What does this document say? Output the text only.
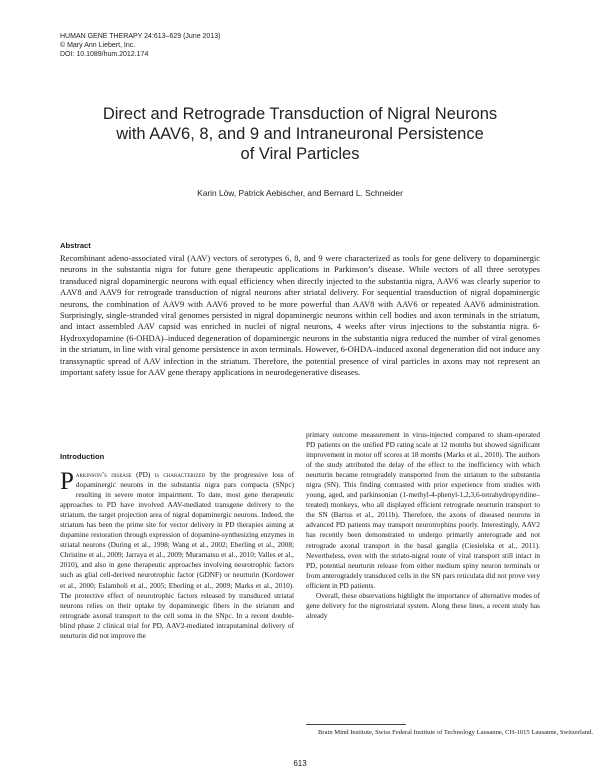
HUMAN GENE THERAPY 24:613–629 (June 2013)
© Mary Ann Liebert, Inc.
DOI: 10.1089/hum.2012.174
Direct and Retrograde Transduction of Nigral Neurons
with AAV6, 8, and 9 and Intraneuronal Persistence
of Viral Particles
Karin Löw, Patrick Aebischer, and Bernard L. Schneider
Abstract
Recombinant adeno-associated viral (AAV) vectors of serotypes 6, 8, and 9 were characterized as tools for gene delivery to dopaminergic neurons in the substantia nigra for future gene therapeutic applications in Parkinson’s disease. While vectors of all three serotypes transduced nigral dopaminergic neurons with equal efficiency when directly injected to the substantia nigra, AAV6 was clearly superior to AAV8 and AAV9 for retrograde transduction of nigral neurons after striatal delivery. For sequential transduction of nigral dopaminergic neurons, the combination of AAV9 with AAV6 proved to be more powerful than AAV8 with AAV6 or repeated AAV6 administration. Surprisingly, single-stranded viral genomes persisted in nigral dopaminergic neurons within cell bodies and axon terminals in the striatum, and intact assembled AAV capsid was enriched in nuclei of nigral neurons, 4 weeks after virus injections to the substantia nigra. 6-Hydroxydopamine (6-OHDA)–induced degeneration of dopaminergic neurons in the substantia nigra reduced the number of viral genomes in the striatum, in line with viral genome persistence in axon terminals. However, 6-OHDA–induced axonal degeneration did not induce any transsynaptic spread of AAV infection in the striatum. Therefore, the potential presence of viral particles in axons may not represent an important safety issue for AAV gene therapy applications in neurodegenerative diseases.
Introduction

Parkinson’s disease (PD) is characterized by the progressive loss of dopaminergic neurons in the substantia nigra pars compacta (SNpc) resulting in severe motor impairment. To date, most gene therapeutic approaches to PD have involved AAV-mediated transgene delivery to the striatum, the target projection area of nigral dopaminergic neurons. Indeed, the striatum has been the prime site for vector delivery in PD therapies aiming at dopamine restoration through expression of dopamine-synthesizing enzymes in striatal neurons (During et al., 1998; Wang et al., 2002; Eberling et al., 2008; Christine et al., 2009; Jarraya et al., 2009; Muramatsu et al., 2010; Valles et al., 2010), and also in gene therapeutic approaches involving neurotrophic factors such as glial cell-derived neurotrophic factor (GDNF) or neurturin (Kordower et al., 2000; Eslamboli et al., 2005; Eberling et al., 2009; Marks et al., 2010). The protective effect of neurotrophic factors released by transduced striatal neurons relies on their uptake by dopaminergic fibers in the striatum and retrograde axonal transport to the cell soma in the SNpc. In a recent double-blind phase 2 clinical trial for PD, AAV2-mediated intraputaminal delivery of neurturin did not improve the

primary outcome measurement in virus-injected compared to sham-operated PD patients on the unified PD rating scale at 12 months but showed significant improvement in motor off scores at 18 months (Marks et al., 2010). The authors of the study attributed the delay of the effect to the inefficiency with which neurturin became retrogradely transported from the striatum to the substantia nigra (SN). This finding contrasted with prior experience from studies with young, aged, and parkinsonian (1-methyl-4-phenyl-1,2,3,6-tetrahydropyridine–treated) monkeys, who all displayed efficient retrograde neurturin transport to the SN (Bartus et al., 2011b). Therefore, the axons of diseased neurons in advanced PD patients may transport neurotrophins poorly. Interestingly, AAV2 has recently been demonstrated to undergo primarily anterograde and not retrograde axonal transport in the basal ganglia (Ciesielska et al., 2011). Nevertheless, even with the striato-nigral route of viral transport still intact in PD, potential neurturin release from either medium spiny neuron terminals or from anterogradely transduced cells in the SN pars reticulata did not prove very efficient in PD patients.

Overall, these observations highlight the importance of alternative modes of gene delivery for the nigrostriatal system. Along these lines, a recent study has already

Brain Mind Institute, Swiss Federal Institute of Technology Lausanne, CH-1015 Lausanne, Switzerland.
613
